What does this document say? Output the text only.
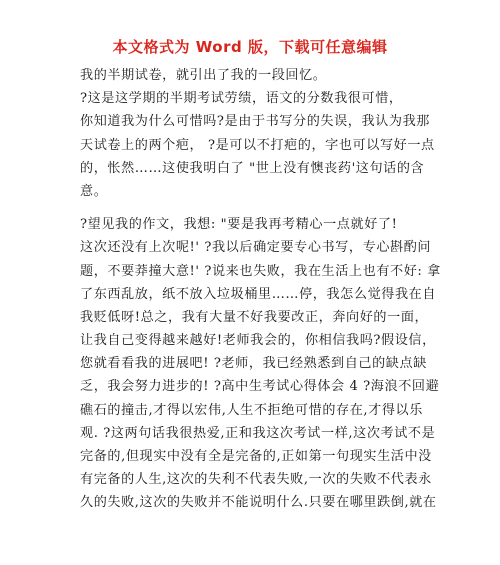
本文格式为 Word 版，下载可任意编辑
我的半期试卷，就引出了我的一段回忆。
?这是这学期的半期考试劳绩，语文的分数我很可惜，
你知道我为什么可惜吗?是由于书写分的失误，我认为我那
天试卷上的两个疤， ?是可以不打疤的，字也可以写好一点
的，怅然……这使我明白了 "世上没有懊丧药'这句话的含
意。
?望见我的作文，我想: "要是我再考精心一点就好了!
这次还没有上次呢!' ?我以后确定要专心书写，专心斟酌问
题，不要莽撞大意!' ?说来也失败，我在生活上也有不好: 拿
了东西乱放，纸不放入垃圾桶里……停，我怎么觉得我在自
我贬低呀!总之，我有大量不好我要改正，奔向好的一面，
让我自己变得越来越好!老师我会的，你相信我吗?假设信，
您就看看我的进展吧! ?老师，我已经熟悉到自己的缺点缺
乏，我会努力进步的! ?高中生考试心得体会 4 ?海浪不回避
礁石的撞击,才得以宏伟,人生不拒绝可惜的存在,才得以乐
观. ?这两句话我很热爱,正和我这次考试一样,这次考试不是
完备的,但现实中没有全是完备的,正如第一句现实生活中没
有完备的人生,这次的失利不代表失败,一次的失败不代表永
久的失败,这次的失败并不能说明什么.只要在哪里跌倒,就在
